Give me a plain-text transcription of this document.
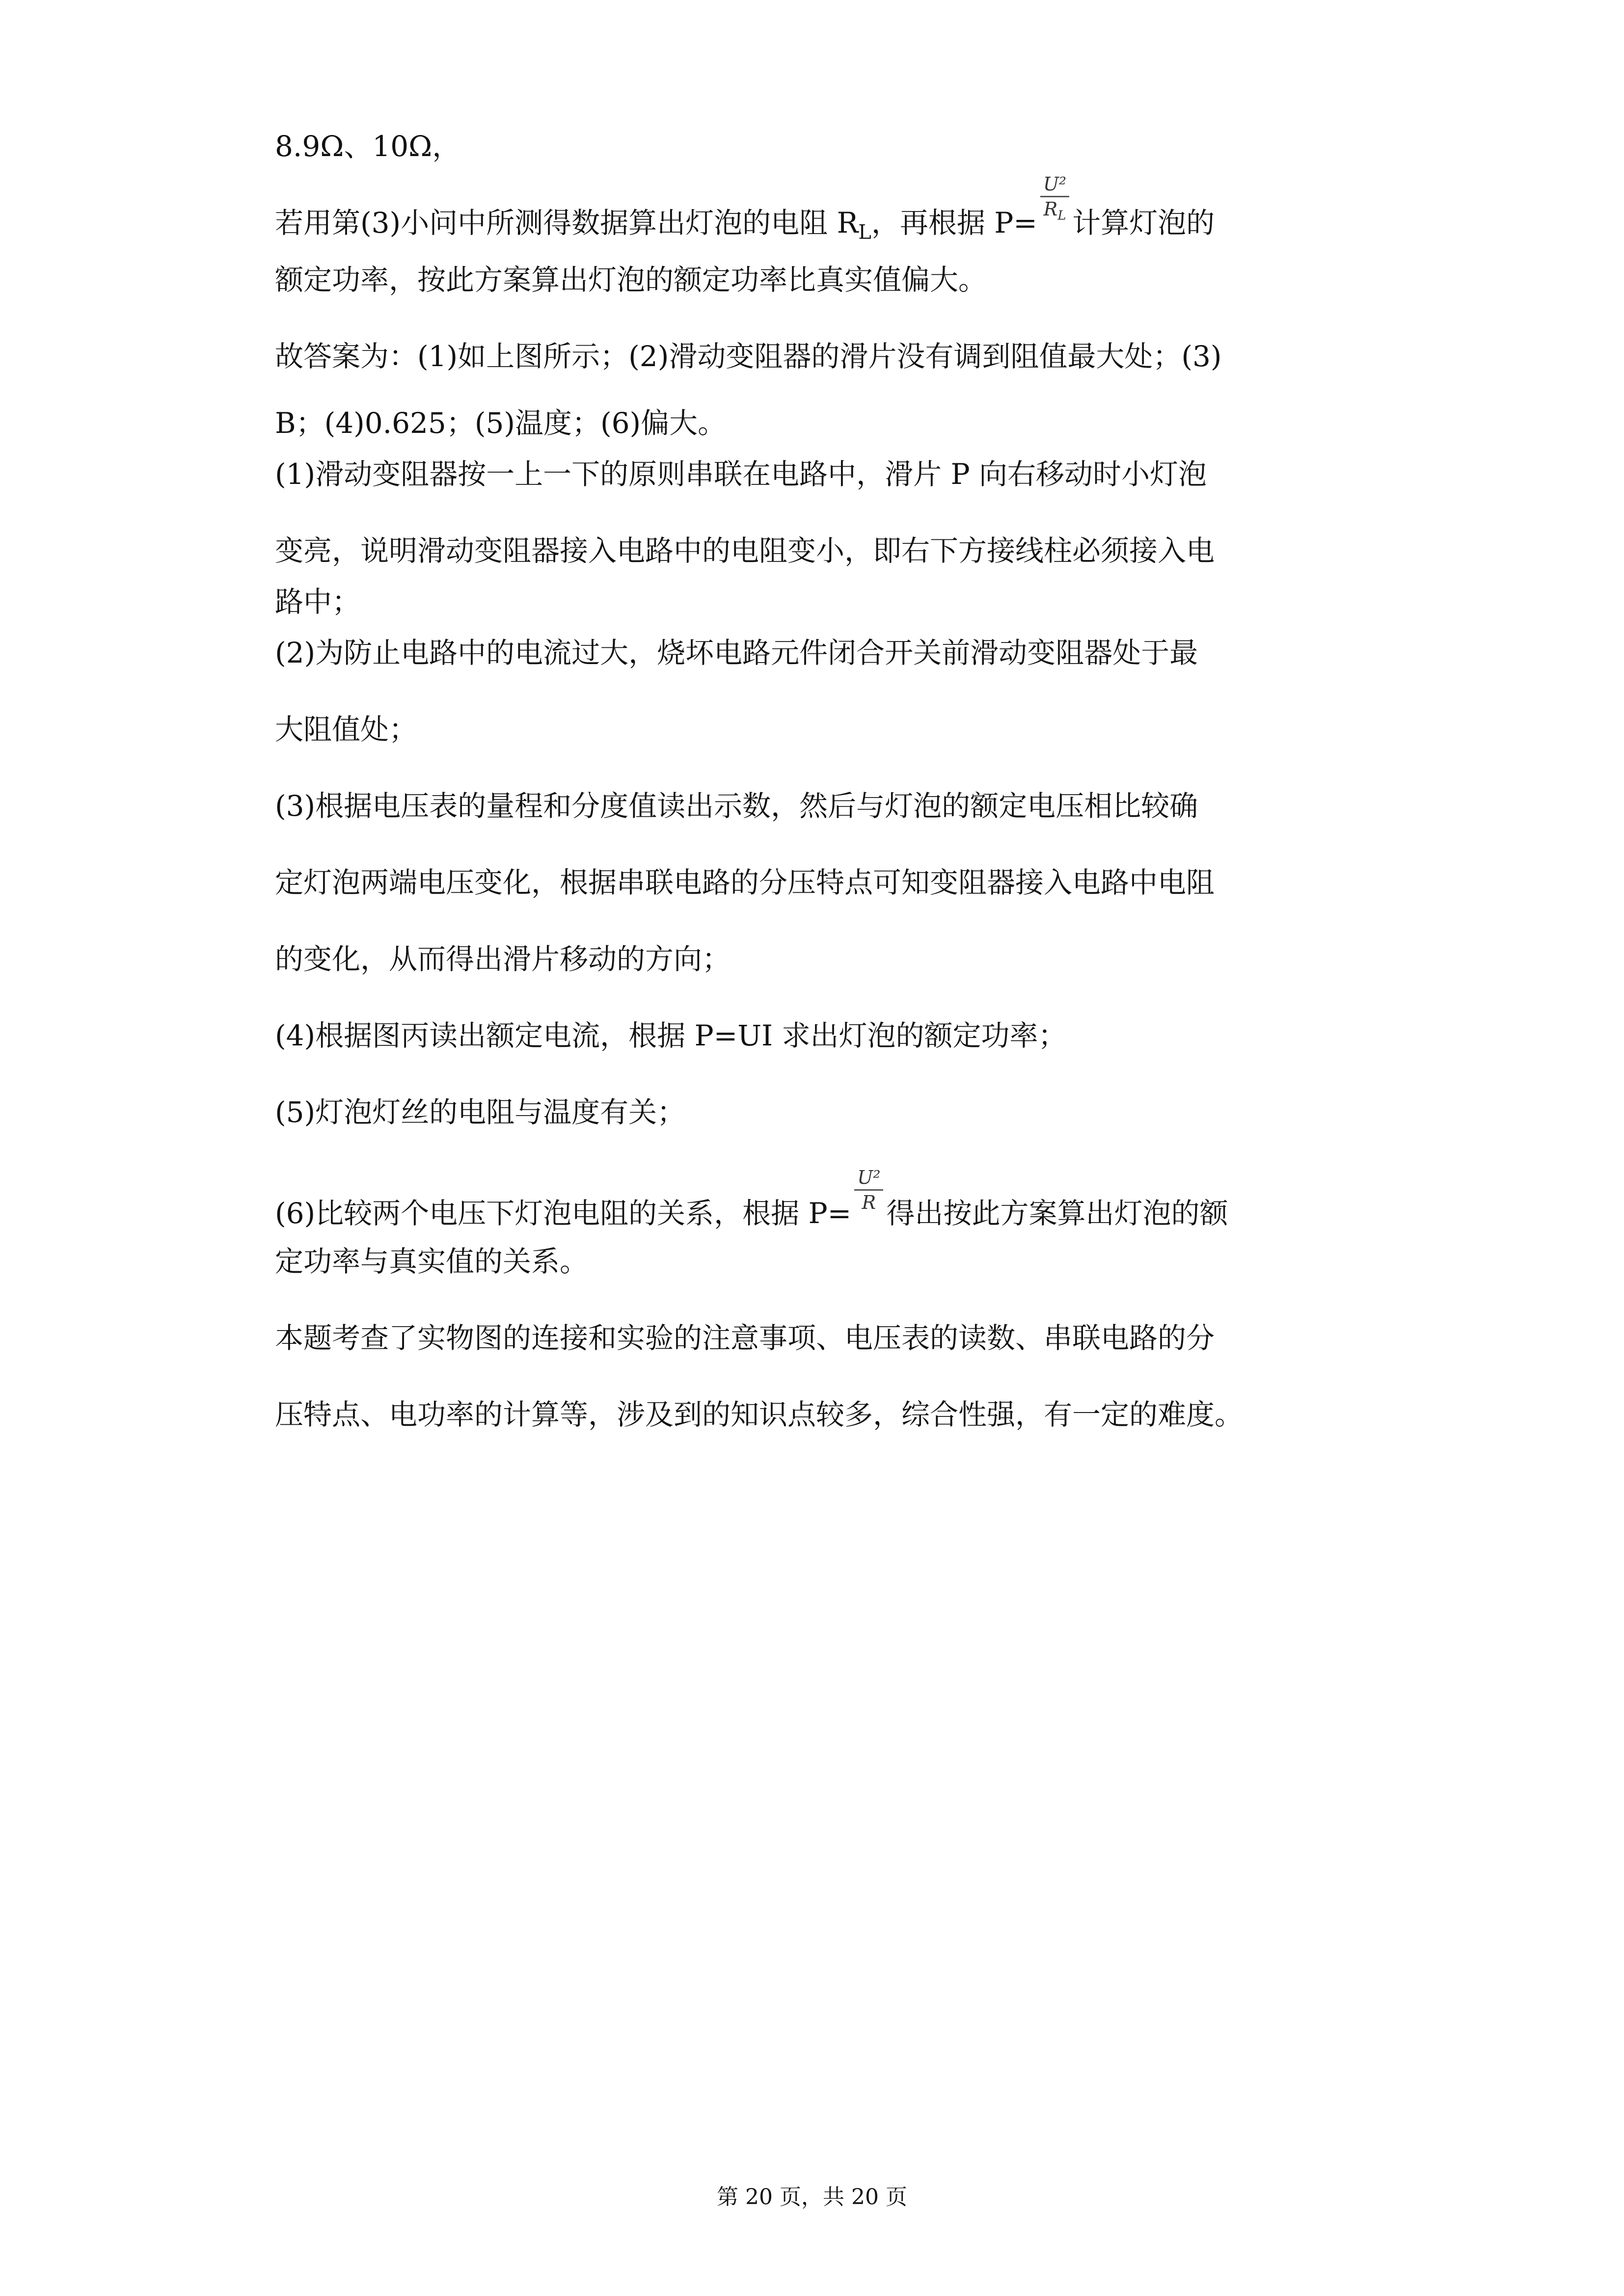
8.9Ω、10Ω，

若用第(3)小问中所测得数据算出灯泡的电阻 $R_L$，再根据 $P= \frac{\text{U²}}{R_L}$ 计算灯泡的

额定功率，按此方案算出灯泡的额定功率比真实值偏大。

故答案为：(1)如上图所示；(2)滑动变阻器的滑片没有调到阻值最大处；(3)

B；(4)0.625；(5)温度；(6)偏大。

(1)滑动变阻器按一上一下的原则串联在电路中，滑片 P 向右移动时小灯泡

变亮，说明滑动变阻器接入电路中的电阻变小，即右下方接线柱必须接入电

路中；

(2)为防止电路中的电流过大，烧坏电路元件闭合开关前滑动变阻器处于最

大阻值处；

(3)根据电压表的量程和分度值读出示数，然后与灯泡的额定电压相比较确

定灯泡两端电压变化，根据串联电路的分压特点可知变阻器接入电路中电阻

的变化，从而得出滑片移动的方向；

(4)根据图丙读出额定电流，根据 P=UI 求出灯泡的额定功率；

(5)灯泡灯丝的电阻与温度有关；

(6)比较两个电压下灯泡电阻的关系，根据 P=
$\frac{\text{U²}}{R}$
得出按此方案算出灯泡的额

定功率与真实值的关系。

本题考查了实物图的连接和实验的注意事项、电压表的读数、串联电路的分

压特点、电功率的计算等，涉及到的知识点较多，综合性强，有一定的难度。

第 20 页，共 20 页
